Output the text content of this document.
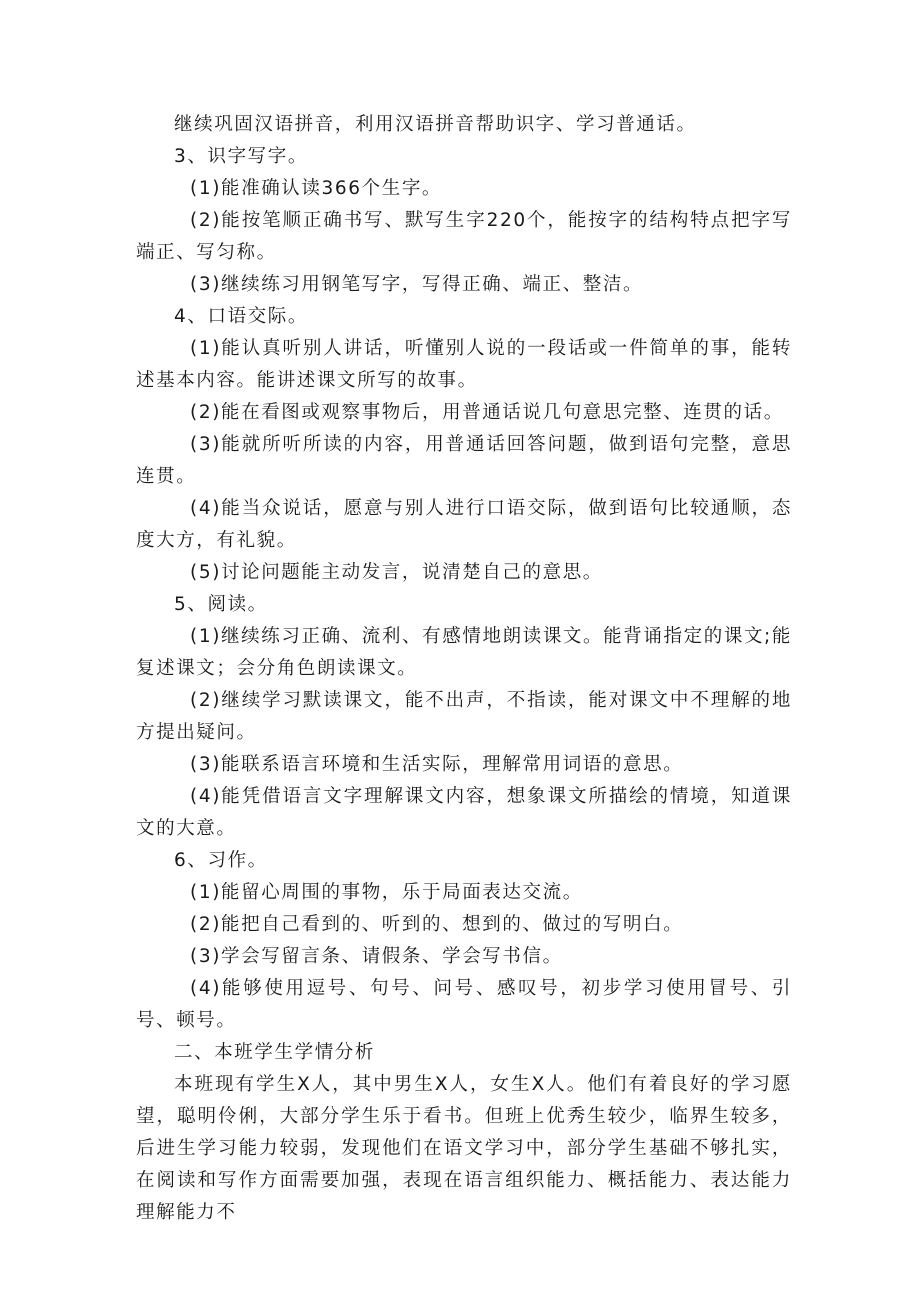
继续巩固汉语拼音，利用汉语拼音帮助识字、学习普通话。

3、识字写字。

(1)能准确认读366个生字。

(2)能按笔顺正确书写、默写生字220个，能按字的结构特点把字写端正、写匀称。

(3)继续练习用钢笔写字，写得正确、端正、整洁。

4、口语交际。

(1)能认真听别人讲话，听懂别人说的一段话或一件简单的事，能转述基本内容。能讲述课文所写的故事。

(2)能在看图或观察事物后，用普通话说几句意思完整、连贯的话。

(3)能就所听所读的内容，用普通话回答问题，做到语句完整，意思连贯。

(4)能当众说话，愿意与别人进行口语交际，做到语句比较通顺，态度大方，有礼貌。

(5)讨论问题能主动发言，说清楚自己的意思。

5、阅读。

(1)继续练习正确、流利、有感情地朗读课文。能背诵指定的课文;能复述课文；会分角色朗读课文。

(2)继续学习默读课文，能不出声，不指读，能对课文中不理解的地方提出疑问。

(3)能联系语言环境和生活实际，理解常用词语的意思。

(4)能凭借语言文字理解课文内容，想象课文所描绘的情境，知道课文的大意。

6、习作。

(1)能留心周围的事物，乐于局面表达交流。

(2)能把自己看到的、听到的、想到的、做过的写明白。

(3)学会写留言条、请假条、学会写书信。

(4)能够使用逗号、句号、问号、感叹号，初步学习使用冒号、引号、顿号。

二、本班学生学情分析

本班现有学生X人，其中男生X人，女生X人。他们有着良好的学习愿望，聪明伶俐，大部分学生乐于看书。但班上优秀生较少，临界生较多，后进生学习能力较弱，发现他们在语文学习中，部分学生基础不够扎实，在阅读和写作方面需要加强，表现在语言组织能力、概括能力、表达能力理解能力不
